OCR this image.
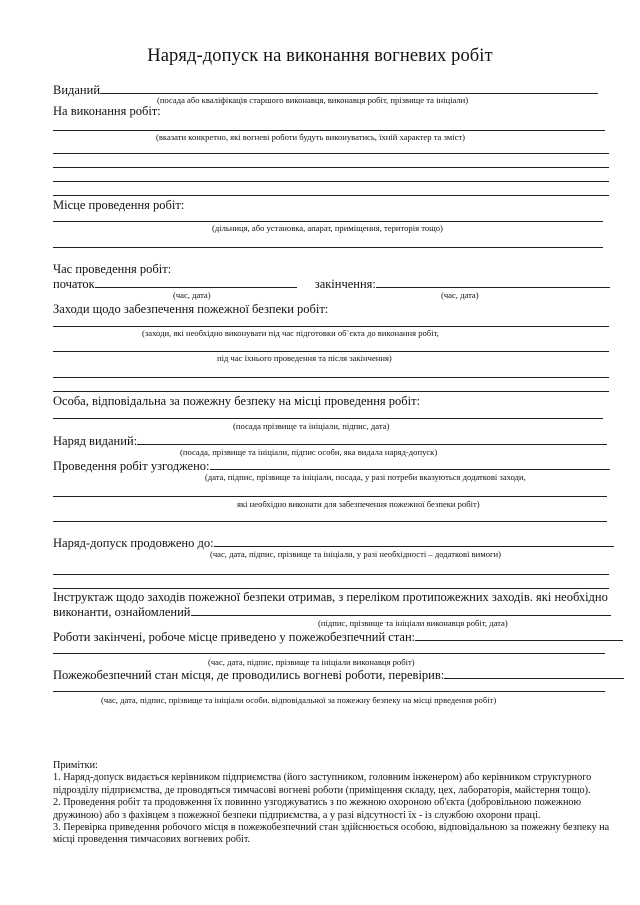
Наряд-допуск на виконання вогневих робіт
Виданий
(посада або кваліфікація старшого виконавця, виконавця робіт, прізвище та ініціали)
На виконання робіт:
(вказати конкретно, які вогневі роботи будуть виконуватись, їхній характер та зміст)
Місце проведення робіт:
(дільниця, або установка, апарат, приміщення, територія тощо)
Час проведення робіт:
початок	закінчення:
(час, дата)	(час, дата)
Заходи щодо забезпечення пожежної безпеки робіт:
(заходи, які необхідно виконувати під час підготовки об`єкта до виконання робіт,
під час їхнього проведення та після закінчення)
Особа, відповідальна за пожежну безпеку на місці проведення робіт:
(посада прізвище та ініціали, підпис, дата)
Наряд виданий:
(посада, прізвище та ініціали, підпис особи, яка видала наряд-допуск)
Проведення робіт узгоджено:
(дата, підпис, прізвище та ініціали, посада, у разі потреби вказуються додаткові заходи,
які необхідно виконати для забезпечення пожежної безпеки робіт)
Наряд-допуск продовжено до:
(час, дата, підпис, прізвище та ініціали, у разі необхідності – додаткові вимоги)
Інструктаж щодо заходів пожежної безпеки отримав, з переліком протипожежних заходів. які необхідно
виконанти, ознайомлений
(підпис, прізвище та ініціали виконавця робіт, дата)
Роботи закінчені, робоче місце приведено у пожежобезпечний стан:
(час, дата, підпис, прізвище та ініціали виконавця робіт)
Пожежобезпечний стан місця, де проводились вогневі роботи, перевірив:
(час, дата, підпис, прізвище та ініціали особи. відповідальної за пожежну безпеку на місці прведення робіт)

Примітки:

1. Наряд-допуск видається керівником підприємства (його заступником, головним інженером) або керівником структурного підрозділу підприємства, де проводяться тимчасові вогневі роботи (приміщення складу, цех, лабораторія, майстерня тощо).

2. Проведення робіт та продовження їх повинно узгоджуватись з по жежною охороною об'єкта (добровільною пожежною дружиною) або з фахівцем з пожежної безпеки підприємства, а у разі відсутності їх - із службою охорони праці.

3. Перевірка приведення робочого місця в пожежобезпечний стан здійснюється особою, відповідальною за пожежну безпеку на місці проведення тимчасових вогневих робіт.
